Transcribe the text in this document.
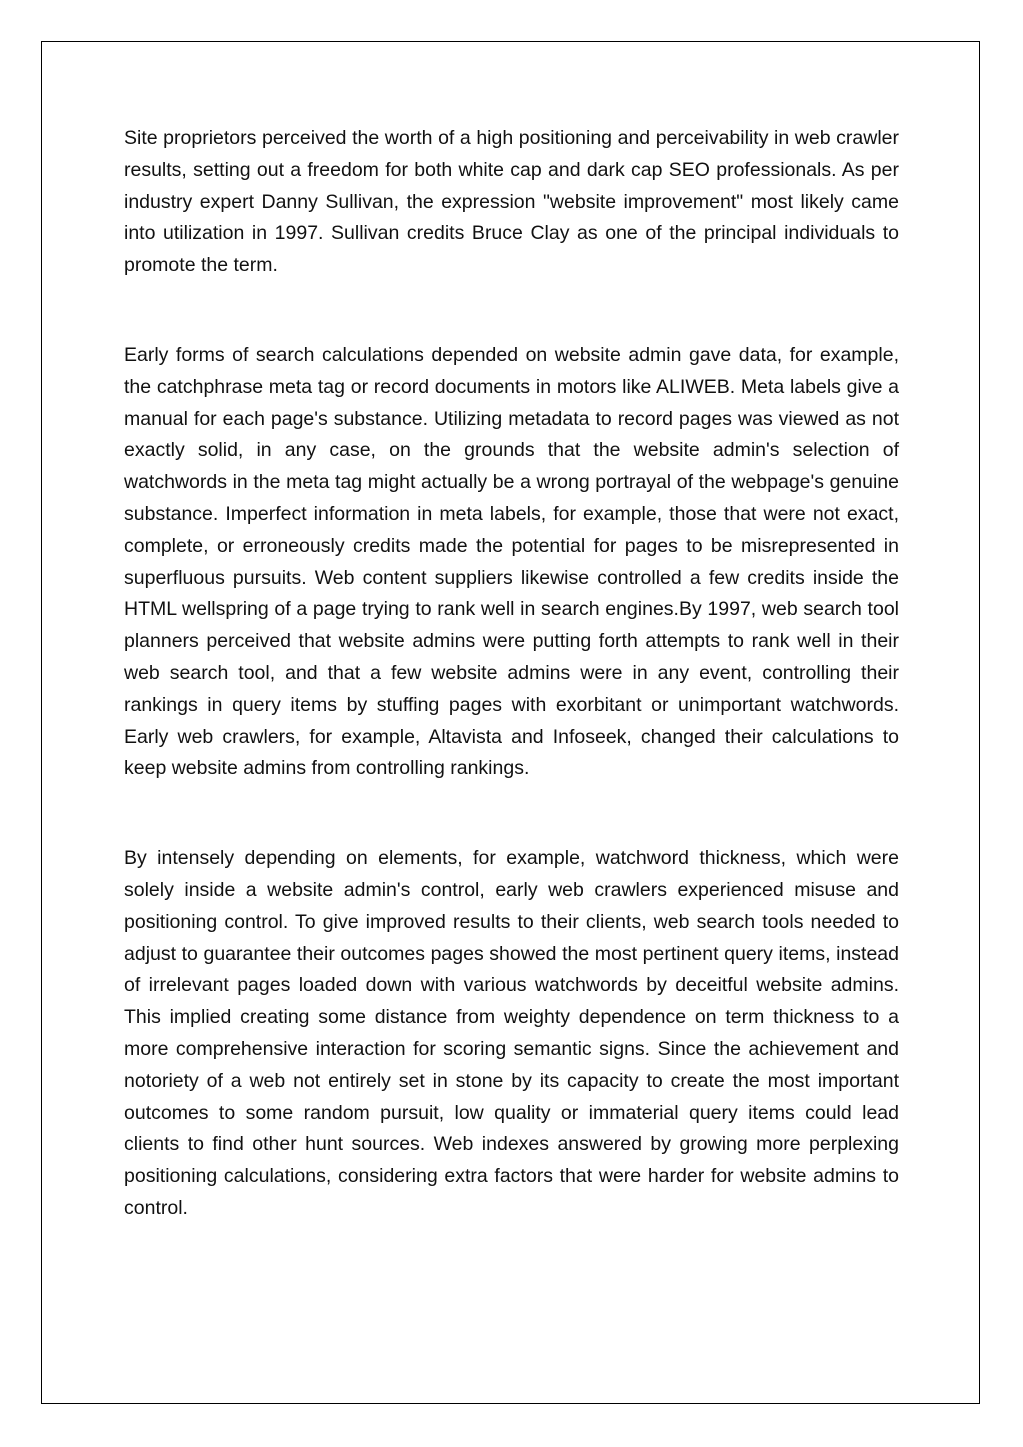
Site proprietors perceived the worth of a high positioning and perceivability in web crawler results, setting out a freedom for both white cap and dark cap SEO professionals. As per industry expert Danny Sullivan, the expression "website improvement" most likely came into utilization in 1997. Sullivan credits Bruce Clay as one of the principal individuals to promote the term.

Early forms of search calculations depended on website admin gave data, for example, the catchphrase meta tag or record documents in motors like ALIWEB. Meta labels give a manual for each page's substance. Utilizing metadata to record pages was viewed as not exactly solid, in any case, on the grounds that the website admin's selection of watchwords in the meta tag might actually be a wrong portrayal of the webpage's genuine substance. Imperfect information in meta labels, for example, those that were not exact, complete, or erroneously credits made the potential for pages to be misrepresented in superfluous pursuits. Web content suppliers likewise controlled a few credits inside the HTML wellspring of a page trying to rank well in search engines.By 1997, web search tool planners perceived that website admins were putting forth attempts to rank well in their web search tool, and that a few website admins were in any event, controlling their rankings in query items by stuffing pages with exorbitant or unimportant watchwords. Early web crawlers, for example, Altavista and Infoseek, changed their calculations to keep website admins from controlling rankings.

By intensely depending on elements, for example, watchword thickness, which were solely inside a website admin's control, early web crawlers experienced misuse and positioning control. To give improved results to their clients, web search tools needed to adjust to guarantee their outcomes pages showed the most pertinent query items, instead of irrelevant pages loaded down with various watchwords by deceitful website admins. This implied creating some distance from weighty dependence on term thickness to a more comprehensive interaction for scoring semantic signs. Since the achievement and notoriety of a web not entirely set in stone by its capacity to create the most important outcomes to some random pursuit, low quality or immaterial query items could lead clients to find other hunt sources. Web indexes answered by growing more perplexing positioning calculations, considering extra factors that were harder for website admins to control.
